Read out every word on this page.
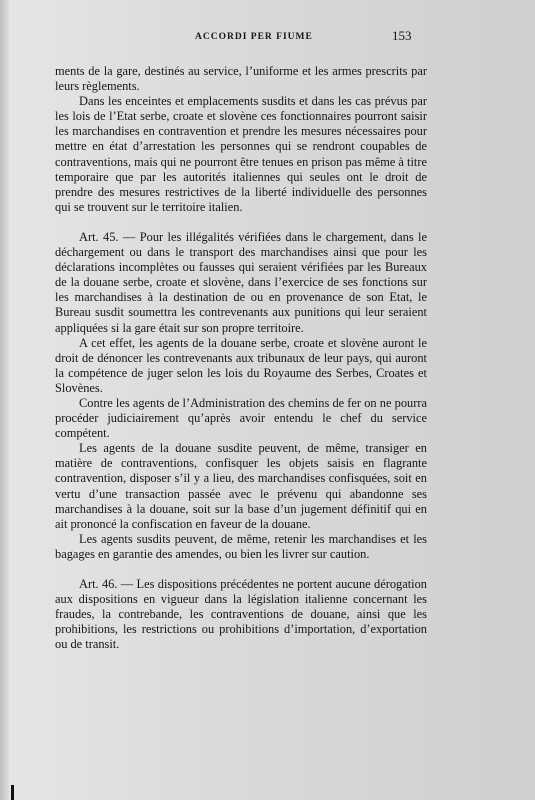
ACCORDI PER FIUME	153

ments de la gare, destinés au service, l’uniforme et les armes prescrits par leurs règlements.

Dans les enceintes et emplacements susdits et dans les cas prévus par les lois de l’Etat serbe, croate et slovène ces fonctionnaires pourront saisir les marchandises en contravention et prendre les mesures nécessaires pour mettre en état d’arrestation les personnes qui se rendront coupables de contraventions, mais qui ne pourront être tenues en prison pas même à titre temporaire que par les autorités italiennes qui seules ont le droit de prendre des mesures restrictives de la liberté individuelle des personnes qui se trouvent sur le territoire italien.

Art. 45. — Pour les illégalités vérifiées dans le chargement, dans le déchargement ou dans le transport des marchandises ainsi que pour les déclarations incomplètes ou fausses qui seraient vérifiées par les Bureaux de la douane serbe, croate et slovène, dans l’exercice de ses fonctions sur les marchandises à la destination de ou en provenance de son Etat, le Bureau susdit soumettra les contrevenants aux punitions qui leur seraient appliquées si la gare était sur son propre territoire.

A cet effet, les agents de la douane serbe, croate et slovène auront le droit de dénoncer les contrevenants aux tribunaux de leur pays, qui auront la compétence de juger selon les lois du Royaume des Serbes, Croates et Slovènes.

Contre les agents de l’Administration des chemins de fer on ne pourra procéder judiciairement qu’après avoir entendu le chef du service compétent.

Les agents de la douane susdite peuvent, de même, transiger en matière de contraventions, confisquer les objets saisis en flagrante contravention, disposer s’il y a lieu, des marchandises confisquées, soit en vertu d’une transaction passée avec le prévenu qui abandonne ses marchandises à la douane, soit sur la base d’un jugement définitif qui en ait prononcé la confiscation en faveur de la douane.

Les agents susdits peuvent, de même, retenir les marchandises et les bagages en garantie des amendes, ou bien les livrer sur caution.

Art. 46. — Les dispositions précédentes ne portent aucune dérogation aux dispositions en vigueur dans la législation italienne concernant les fraudes, la contrebande, les contraventions de douane, ainsi que les prohibitions, les restrictions ou prohibitions d’importation, d’exportation ou de transit.
